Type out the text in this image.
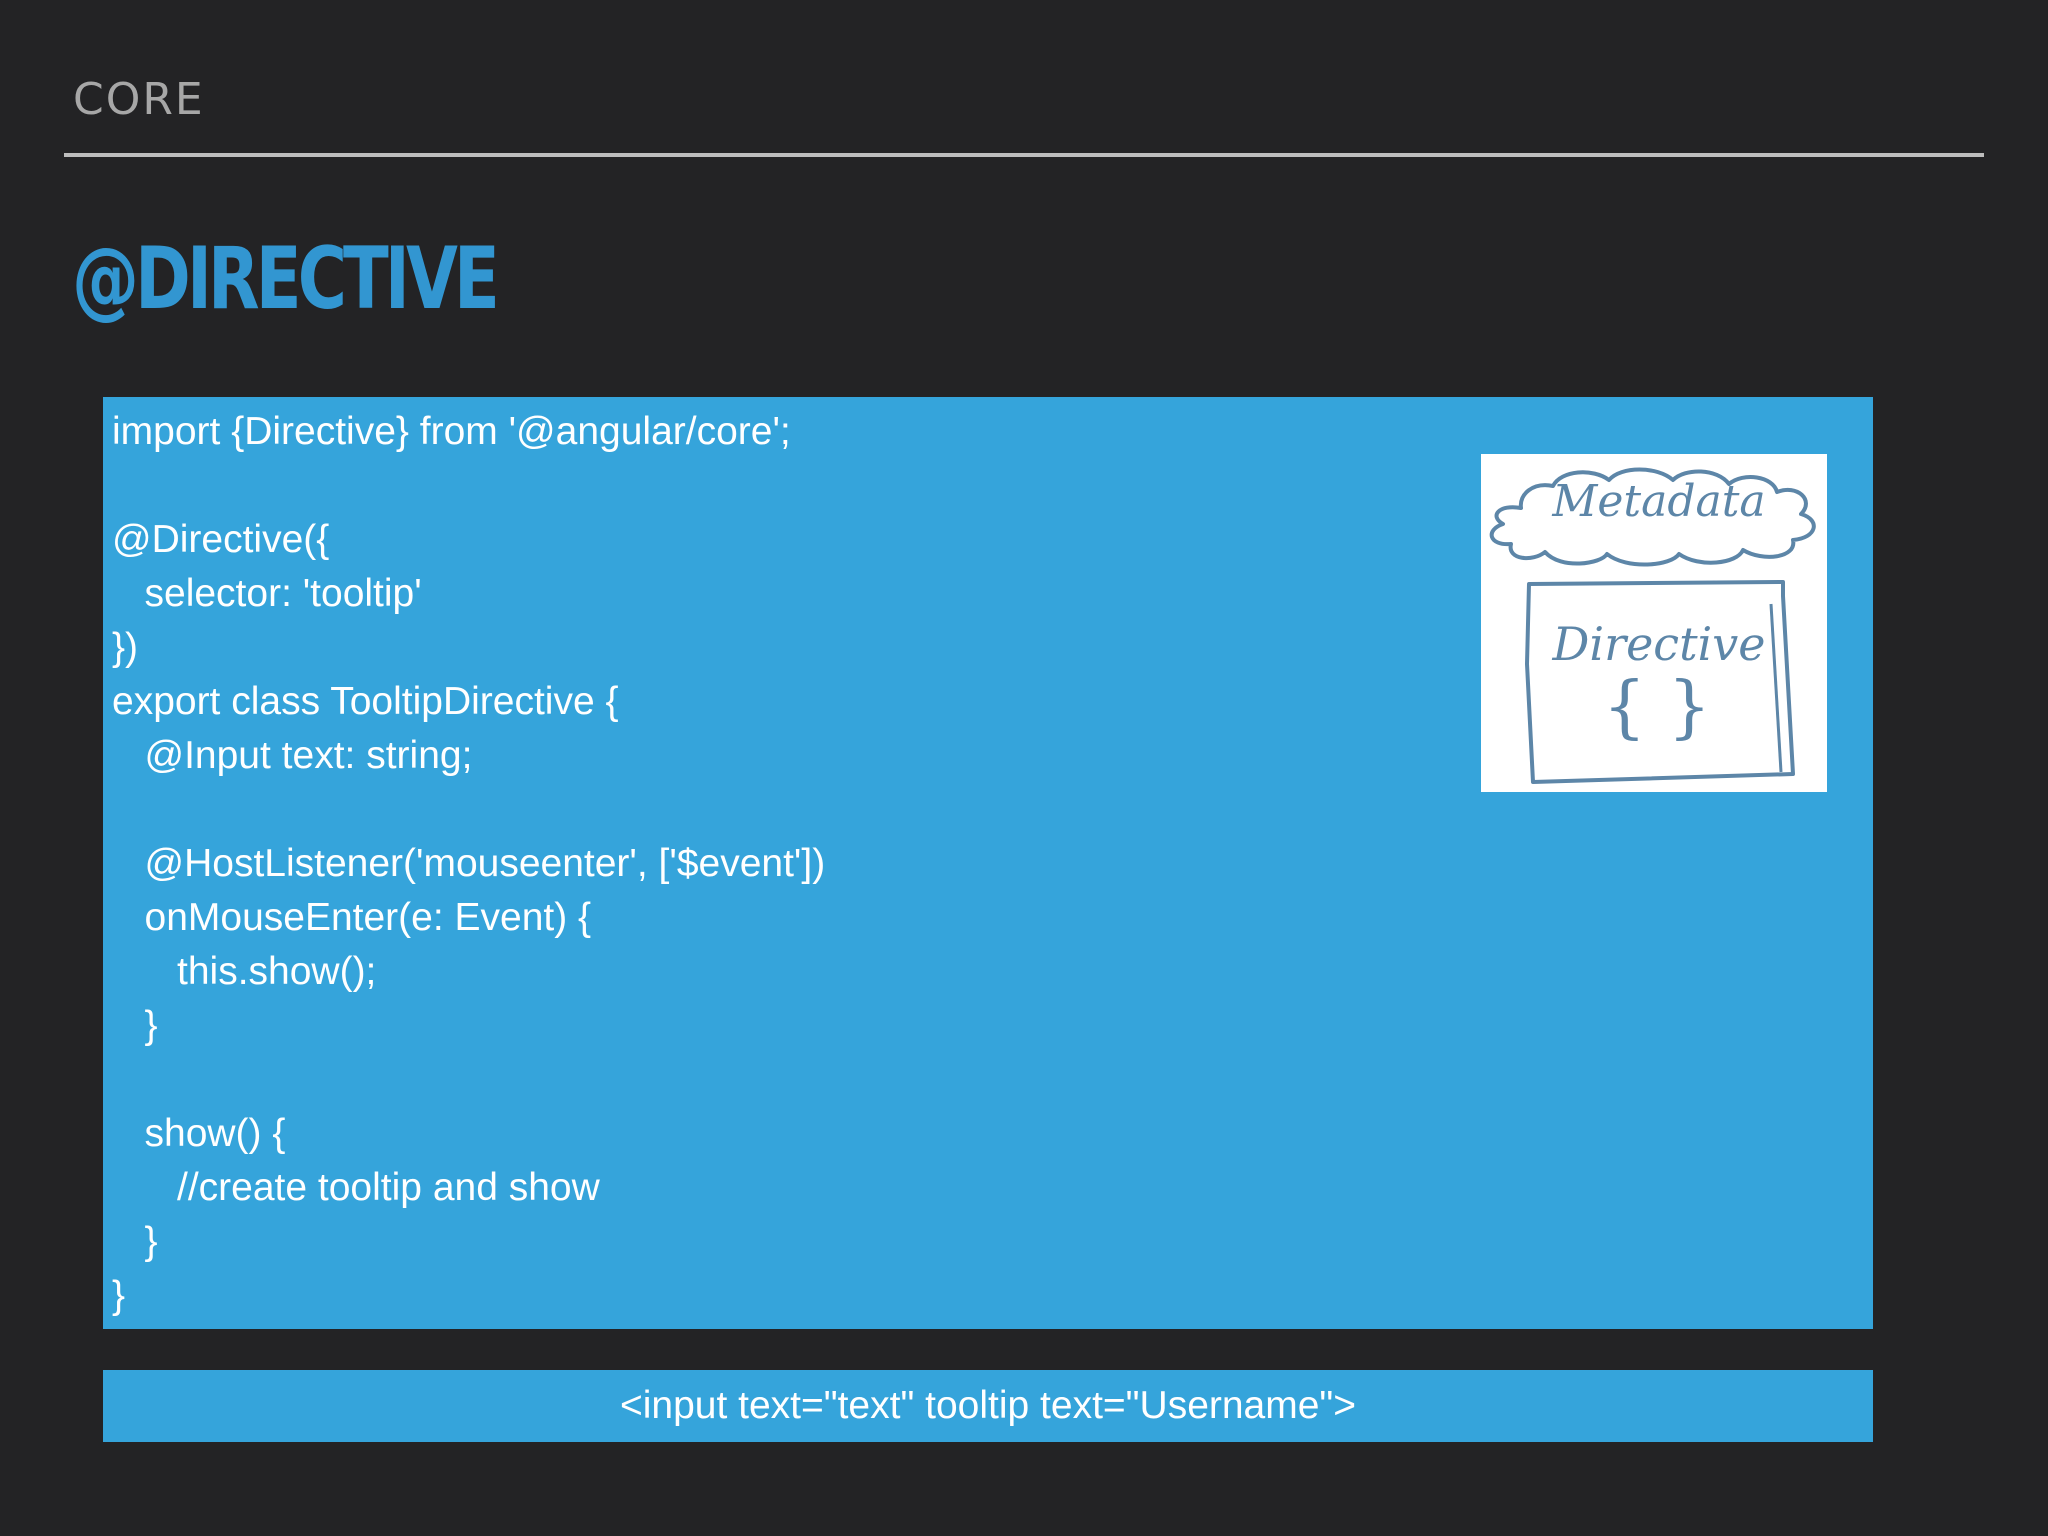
CORE
@DIRECTIVE
import {Directive} from '@angular/core';
@Directive({
selector: 'tooltip'
})
export class TooltipDirective {
@Input text: string;
@HostListener('mouseenter', ['$event'])
onMouseEnter(e: Event) {
this.show();
}
show() {
//create tooltip and show
}
}
Metadata
Directive
{ }
<input text="text" tooltip text="Username">
